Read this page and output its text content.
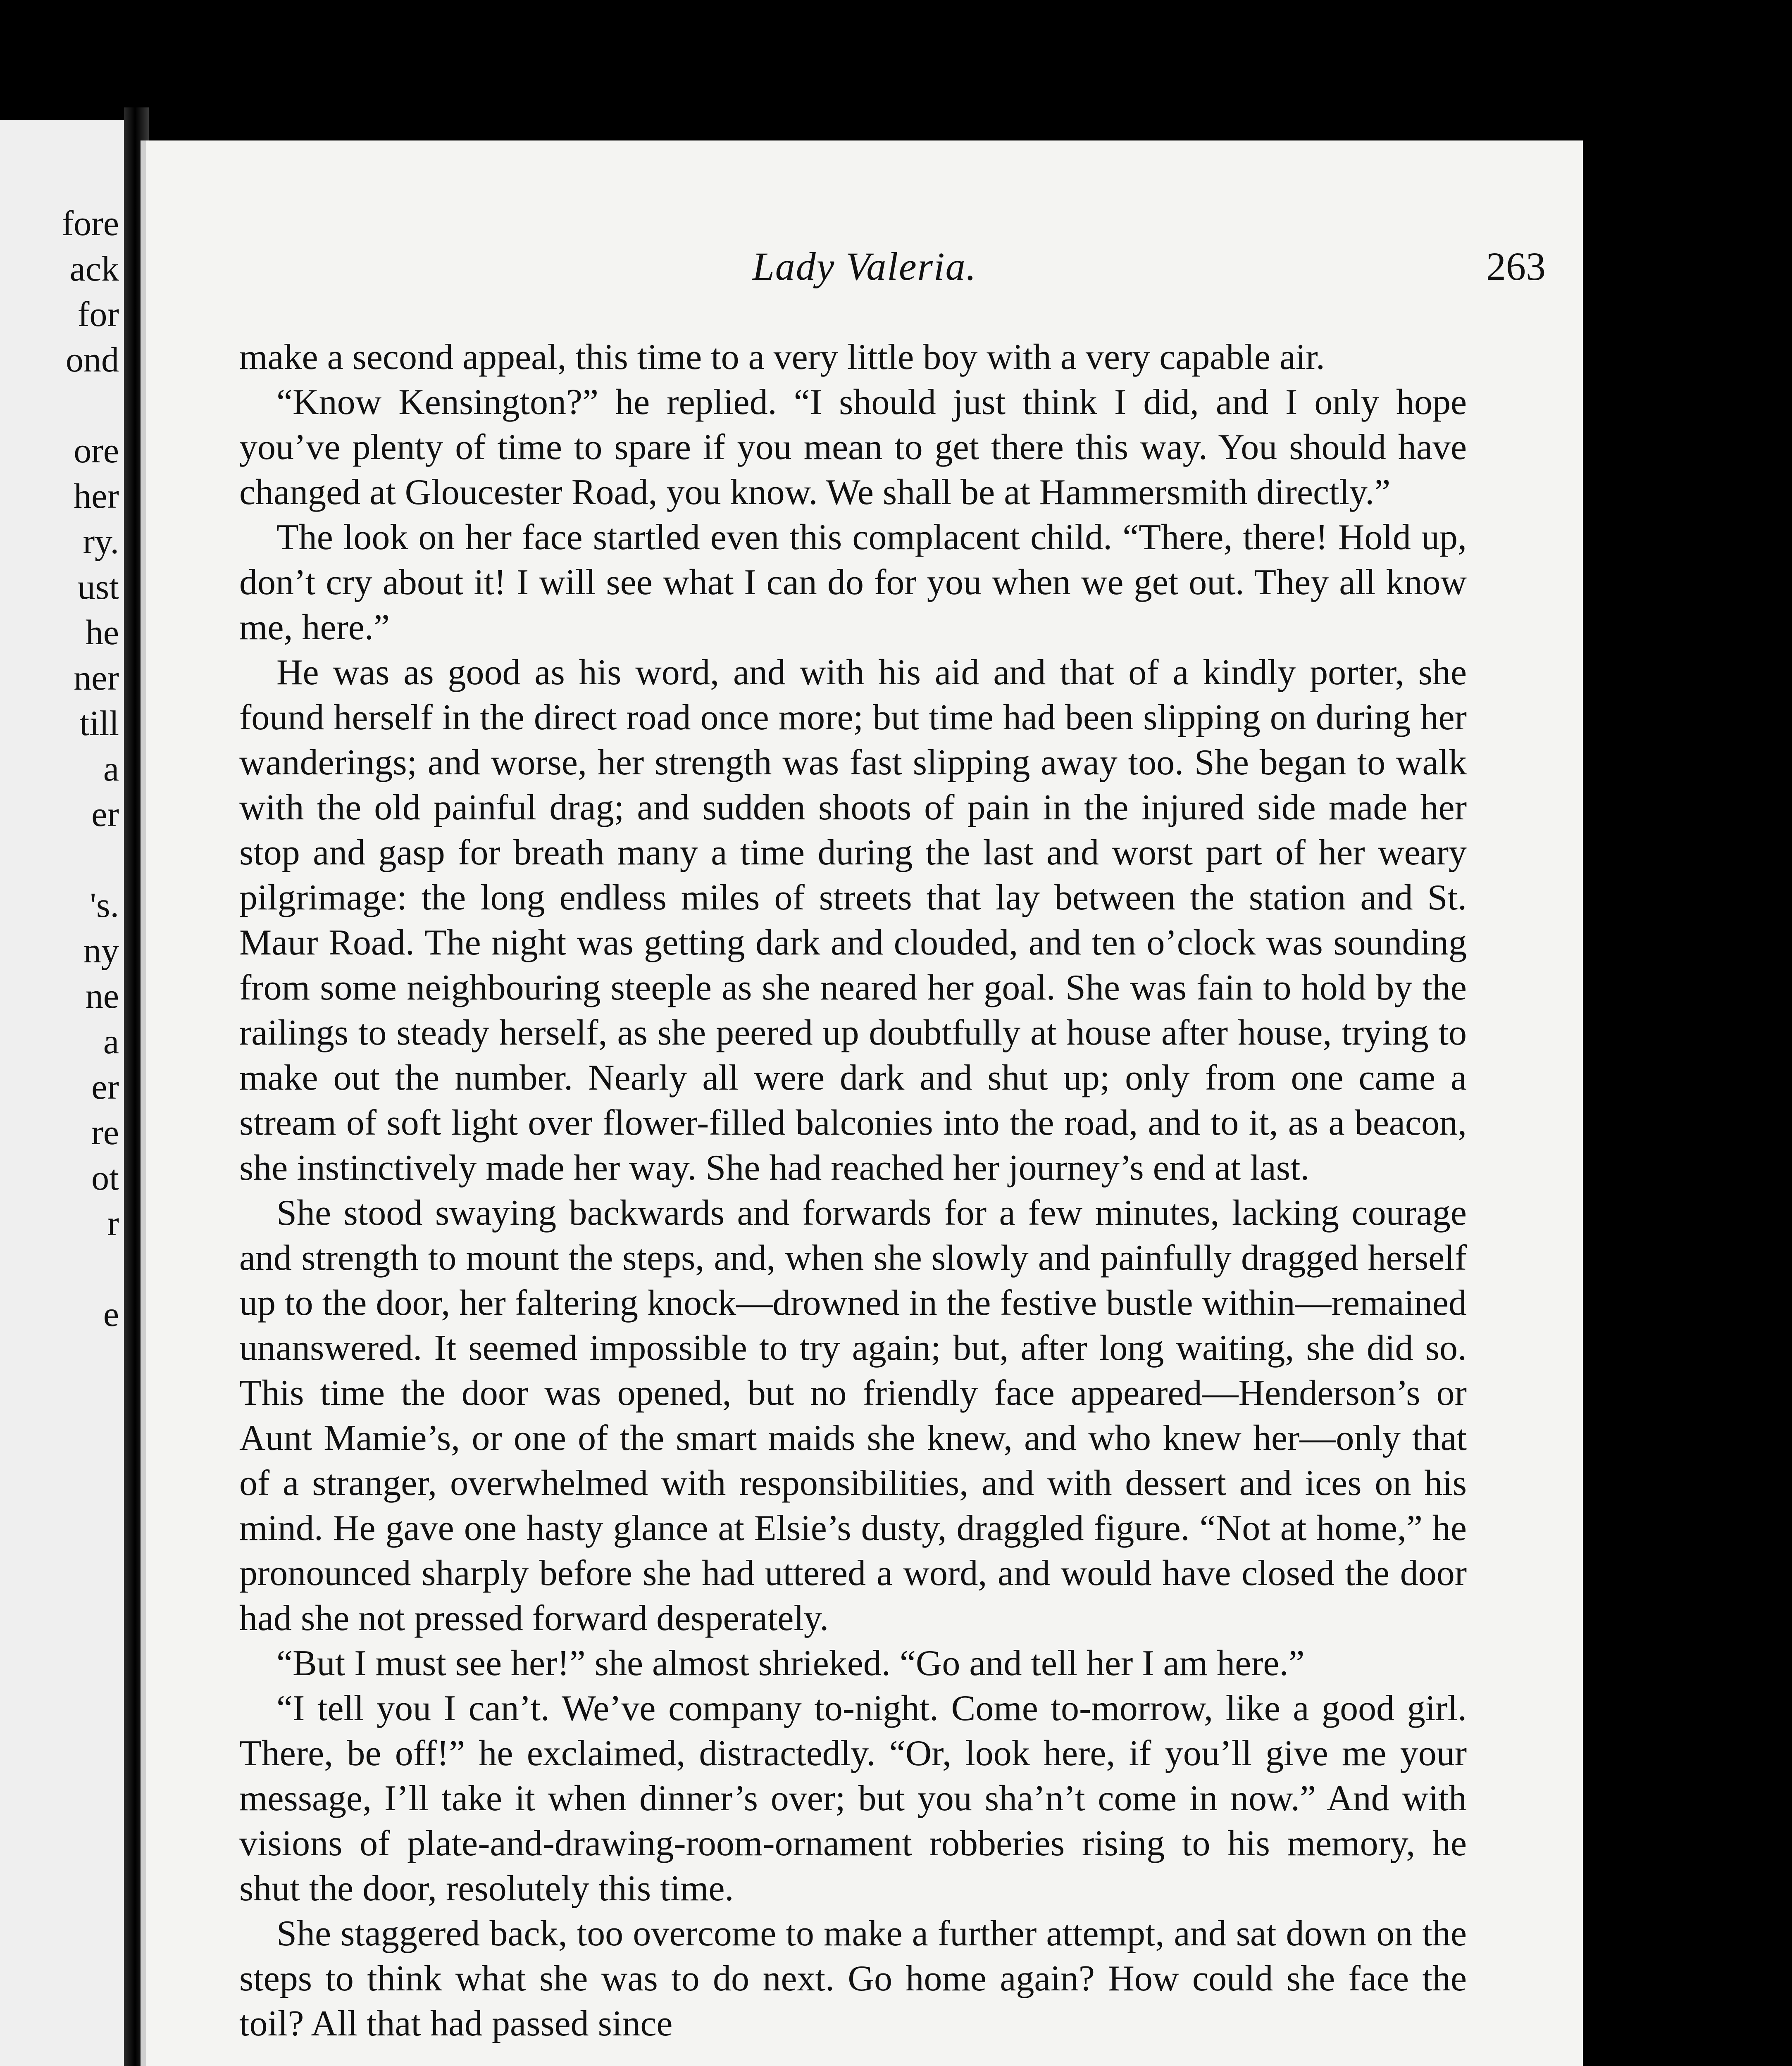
fore
ack
for
ond
ore
her
ry.
ust
he
ner
till
a
er
's.
ny
ne
a
er
re
ot
r
e
Lady Valeria.	263

make a second appeal, this time to a very little boy with a very capable air.

“Know Kensington?” he replied. “I should just think I did, and I only hope you’ve plenty of time to spare if you mean to get there this way. You should have changed at Gloucester Road, you know. We shall be at Hammersmith directly.”

The look on her face startled even this complacent child. “There, there! Hold up, don’t cry about it! I will see what I can do for you when we get out. They all know me, here.”

He was as good as his word, and with his aid and that of a kindly porter, she found herself in the direct road once more; but time had been slipping on during her wanderings; and worse, her strength was fast slipping away too. She began to walk with the old painful drag; and sudden shoots of pain in the injured side made her stop and gasp for breath many a time during the last and worst part of her weary pilgrimage: the long endless miles of streets that lay between the station and St. Maur Road. The night was getting dark and clouded, and ten o’clock was sounding from some neighbouring steeple as she neared her goal. She was fain to hold by the railings to steady herself, as she peered up doubtfully at house after house, trying to make out the number. Nearly all were dark and shut up; only from one came a stream of soft light over flower-filled balconies into the road, and to it, as a beacon, she instinctively made her way. She had reached her journey’s end at last.

She stood swaying backwards and forwards for a few minutes, lacking courage and strength to mount the steps, and, when she slowly and painfully dragged herself up to the door, her faltering knock—drowned in the festive bustle within—remained unanswered. It seemed impossible to try again; but, after long waiting, she did so. This time the door was opened, but no friendly face appeared—Henderson’s or Aunt Mamie’s, or one of the smart maids she knew, and who knew her—only that of a stranger, overwhelmed with responsibilities, and with dessert and ices on his mind. He gave one hasty glance at Elsie’s dusty, draggled figure. “Not at home,” he pronounced sharply before she had uttered a word, and would have closed the door had she not pressed forward desperately.

“But I must see her!” she almost shrieked. “Go and tell her I am here.”

“I tell you I can’t. We’ve company to-night. Come to-morrow, like a good girl. There, be off!” he exclaimed, distractedly. “Or, look here, if you’ll give me your message, I’ll take it when dinner’s over; but you sha’n’t come in now.” And with visions of plate-and-drawing-room-ornament robberies rising to his memory, he shut the door, resolutely this time.

She staggered back, too overcome to make a further attempt, and sat down on the steps to think what she was to do next. Go home again? How could she face the toil? All that had passed since
